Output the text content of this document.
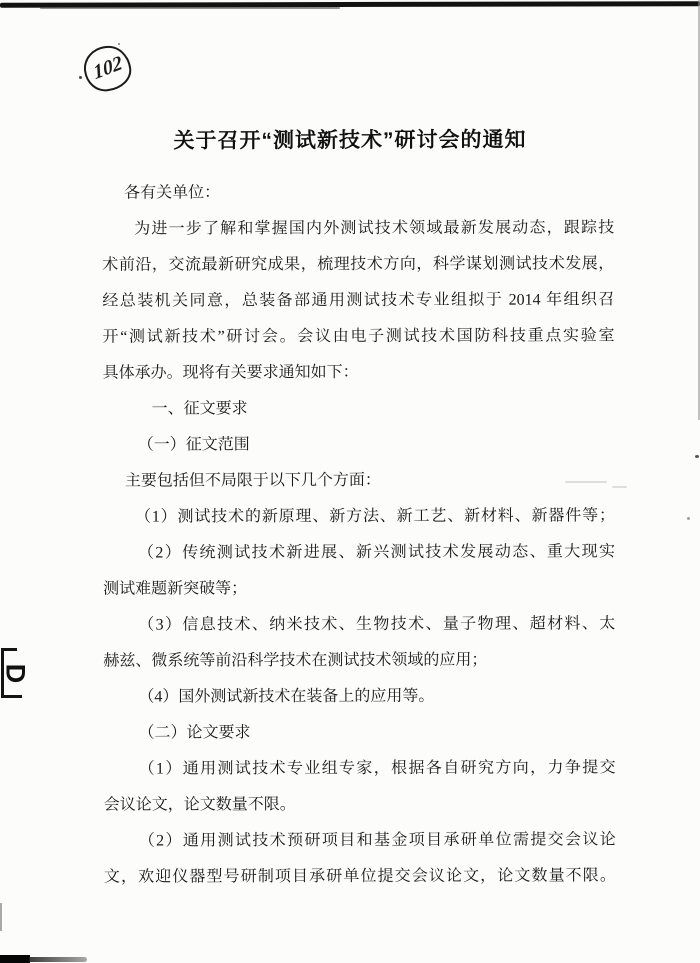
102
D
关于召开“测试新技术”研讨会的通知
各有关单位：
为进一步了解和掌握国内外测试技术领域最新发展动态，跟踪技
术前沿，交流最新研究成果，梳理技术方向，科学谋划测试技术发展，
经总装机关同意，总装备部通用测试技术专业组拟于 2014 年组织召
开“测试新技术”研讨会。会议由电子测试技术国防科技重点实验室
具体承办。现将有关要求通知如下：
一、征文要求
（一）征文范围
主要包括但不局限于以下几个方面：
（1）测试技术的新原理、新方法、新工艺、新材料、新器件等；
（2）传统测试技术新进展、新兴测试技术发展动态、重大现实
测试难题新突破等；
（3）信息技术、纳米技术、生物技术、量子物理、超材料、太
赫兹、微系统等前沿科学技术在测试技术领域的应用；
（4）国外测试新技术在装备上的应用等。
（二）论文要求
（1）通用测试技术专业组专家，根据各自研究方向，力争提交
会议论文，论文数量不限。
（2）通用测试技术预研项目和基金项目承研单位需提交会议论
文，欢迎仪器型号研制项目承研单位提交会议论文，论文数量不限。
